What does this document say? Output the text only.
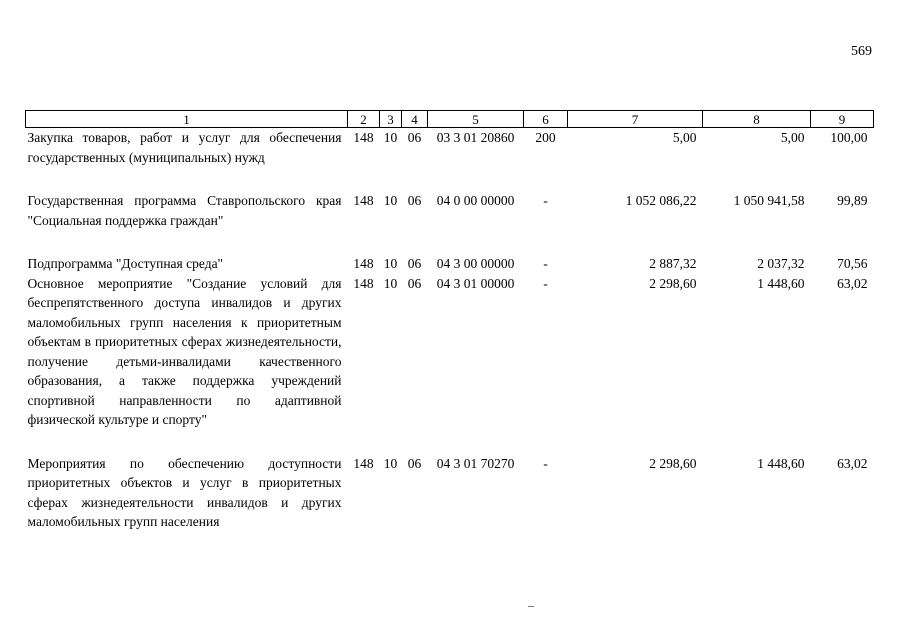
569
1	2	3	4	5	6	7	8	9
Закупка товаров, работ и услуг для обеспечения государственных (муниципальных) нужд	148	10	06	03 3 01 20860	200	5,00	5,00	100,00

Государственная программа Ставропольского края "Социальная поддержка граждан"	148	10	06	04 0 00 00000	-	1 052 086,22	1 050 941,58	99,89

Подпрограмма "Доступная среда"	148	10	06	04 3 00 00000	-	2 887,32	2 037,32	70,56
Основное мероприятие "Создание условий для беспрепятственного доступа инвалидов и других маломобильных групп населения к приоритетным объектам в приоритетных сферах жизнедеятельности, получение детьми-инвалидами качественного образования, а также поддержка учреждений спортивной направленности по адаптивной физической культуре и спорту"	148	10	06	04 3 01 00000	-	2 298,60	1 448,60	63,02

Мероприятия по обеспечению доступности приоритетных объектов и услуг в приоритетных сферах жизнедеятельности инвалидов и других маломобильных групп населения	148	10	06	04 3 01 70270	-	2 298,60	1 448,60	63,02
